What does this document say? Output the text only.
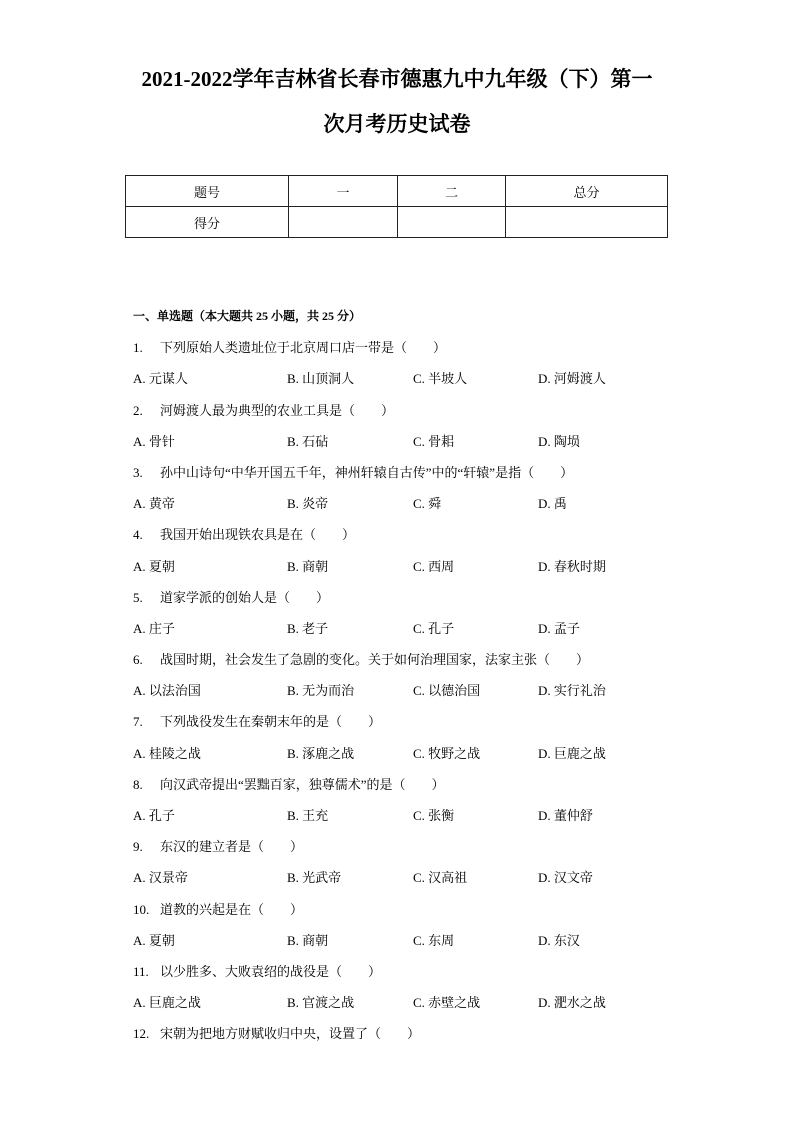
2021-2022学年吉林省长春市德惠九中九年级（下）第一
次月考历史试卷
题号	一	二	总分
得分			
一、单选题（本大题共 25 小题，共 25 分）
1. 下列原始人类遗址位于北京周口店一带是（　　）
A. 元谋人	B. 山顶洞人	C. 半坡人	D. 河姆渡人
2. 河姆渡人最为典型的农业工具是（　　）
A. 骨针	B. 石砧	C. 骨耜	D. 陶埙
3. 孙中山诗句“中华开国五千年，神州轩辕自古传”中的“轩辕”是指（　　）
A. 黄帝	B. 炎帝	C. 舜	D. 禹
4. 我国开始出现铁农具是在（　　）
A. 夏朝	B. 商朝	C. 西周	D. 春秋时期
5. 道家学派的创始人是（　　）
A. 庄子	B. 老子	C. 孔子	D. 孟子
6. 战国时期，社会发生了急剧的变化。关于如何治理国家，法家主张（　　）
A. 以法治国	B. 无为而治	C. 以德治国	D. 实行礼治
7. 下列战役发生在秦朝末年的是（　　）
A. 桂陵之战	B. 涿鹿之战	C. 牧野之战	D. 巨鹿之战
8. 向汉武帝提出“罢黜百家，独尊儒术”的是（　　）
A. 孔子	B. 王充	C. 张衡	D. 董仲舒
9. 东汉的建立者是（　　）
A. 汉景帝	B. 光武帝	C. 汉高祖	D. 汉文帝
10. 道教的兴起是在（　　）
A. 夏朝	B. 商朝	C. 东周	D. 东汉
11. 以少胜多、大败袁绍的战役是（　　）
A. 巨鹿之战	B. 官渡之战	C. 赤壁之战	D. 淝水之战
12. 宋朝为把地方财赋收归中央，设置了（　　）
